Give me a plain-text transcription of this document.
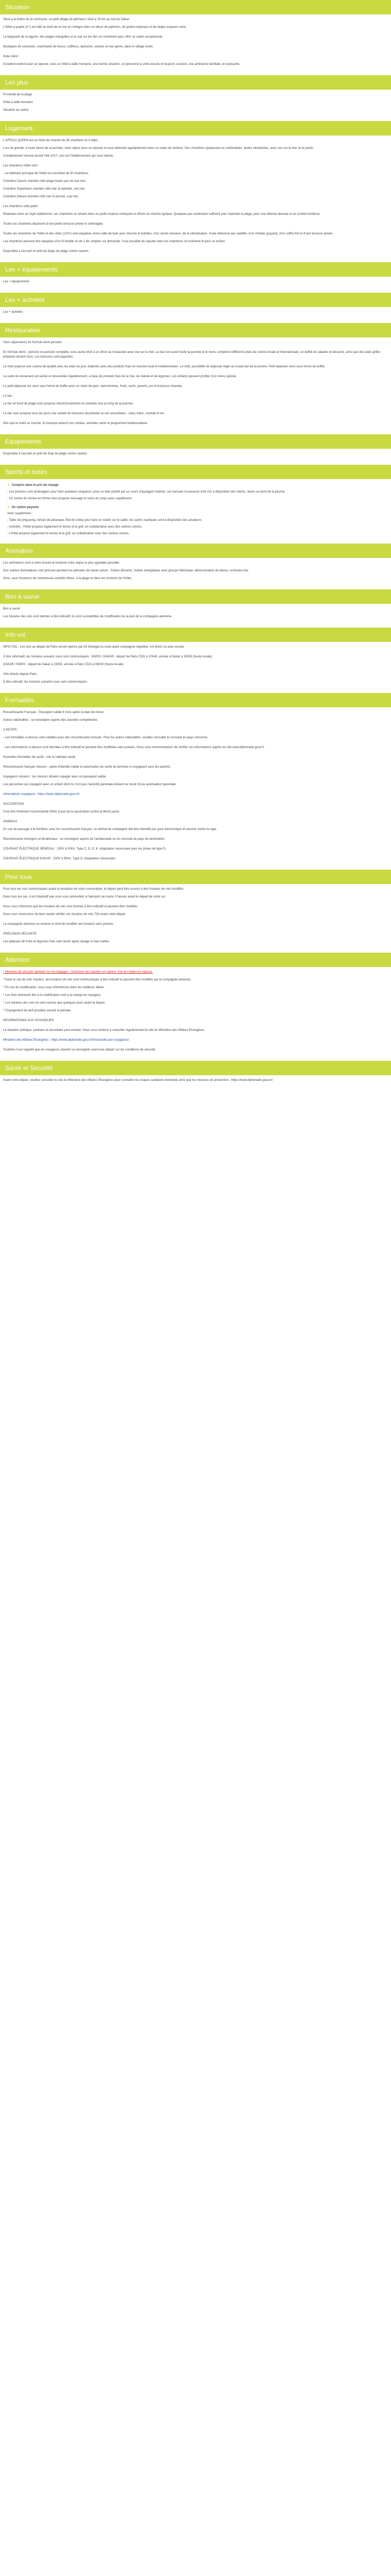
Situation

Situé à la lisière de la commune, un petit village de pêcheurs situé à 15 km au sud de Dakar.

L'hôtel à quatre (4 *) est bâti au bord de la mer et s'intègre dans un décor de palmiers, de jardins tropicaux et de larges espaces verts.

La baignade de la lagune, des plages tranquilles et la vue sur les îles se combinent pour offrir un cadre exceptionnel.

Boutiques de souvenirs, marchands de tissus, coiffeurs, épiceries, artistes et tout genre, dans le village voisin.

Note client :

Excellent endroit pour se reposer, avec un hôtel à taille humaine, une bonne situation, un personnel à votre écoute et toujours souriant, une ambiance familiale, et reposante.

Les plus

Proximité de la plage

Hôtel à taille humaine

Situation au calme

Logement

L'AFRICA QUEEN est un hôtel de charme de 36 chambres et 4 villas.

Lors de grande, à toute heure de la journée, votre séjour pour se reposer et vous détendre agréablement dans un cadre de verdure. Des chambres spacieuses et confortables, toutes climatisées, avec vue sur la mer ou le jardin.

Complètement rénové durant l'été 2017, ceci est l'établissement qui vous attend.

Les chambres Hôtel sont :

- Le bâtiment principal de l'hôtel est constitué de 30 chambres.

Chambre Classic orientée côté plage toutes pas de vue mer.

Chambre Supérieure orientée côté mer et partielle, vue mer.

Chambre Deluxe orientée côté mer et piscine, vue mer.

Les chambres côté jardin :

Réalisées dans un style traditionnel, ces chambres se situent dans un jardin tropical verdoyant et offrent un charme typique. Quelques pas seulement suffisent pour rejoindre la plage, pour une détente absolue et un confort moderne.

Toutes les chambres disposent d'une petite terrasse privée et aménagée.

Toutes les chambres de l'hôtel et des villas (12m²) sont équipées d'une salle de bain avec douche et toilettes, d'un sèche-cheveux, de la climatisation, d'une télévision par satellite, d'un minibar (payant), d'un coffre-fort et d'une terrasse privée.

Les chambres peuvent être équipées d'un lit double ou de 2 lits simples sur demande. Il est possible de rajouter dans les chambres un troisième lit pour un enfant.

Disponible à l'accueil un prêt de draps de plage contre caution.

Les + équipements

Les + équipements

Les + activités

Les + activités

Restauration

Vous séjournerez en formule demi pension.

En formule demi - pension ou pension complète, vous aurez droit à un dîner au restaurant avec vue sur la mer. Le bar est ouvert toute la journée et le menu comprend différents plats de cuisine locale et internationale, un buffet de salades et desserts, ainsi que des plats grillés préparés devant vous. Les boissons sont payantes.

Le chef propose une cuisine de qualité avec les plats du jour, élaborés avec des produits frais du marché local et méditerranéen. Le midi, possibilité de déjeuner léger au snack-bar de la piscine. Petit-déjeuner servi sous forme de buffet.

La carte du restaurant est variée et renouvelée régulièrement, à base de produits frais de la mer, de viande et de légumes. Les enfants peuvent profiter d'un menu spécial.

Le petit-déjeuner est servi sous forme de buffet avec un choix de pain, viennoiseries, fruits, œufs, yaourts, jus et boissons chaudes.

Le bar :

Le bar en bord de plage vous propose rafraîchissements et cocktails tout au long de la journée.

Le bar vous propose tous les jours une variété de boissons alcoolisées et non alcoolisées : soda, bière, cocktail et vin.

Dès que le soleil se couche, la musique adoucit vos soirées, animées selon le programme hebdomadaire.

Equipements

Disponible à l'accueil un prêt de drap de plage contre caution.

Sports et loisirs
► Compris dans le prix du voyage

- Les piscines sont aménagées pour faire quelques longueurs, pour un bain parfait par un cours d'aquagym matinal. Les transats et parasols sont mis à disposition des clients, situés au bord de la piscine.

- Un centre de remise en forme vous propose massage et soins du corps avec supplément.

► En option payante

Avec supplément :

- Table de ping-pong, terrain de pétanque, filet de volley pour faire un match sur le sable, les sports nautiques sont à disposition des amateurs.

- Activités : l'hôtel propose également le tennis et le golf, en collaboration avec des centres voisins.

- L'hôtel propose également le tennis et le golf, en collaboration avec des centres voisins.

Animation

Les animations sont à votre écoute et rendront votre séjour le plus agréable possible.

Des soirées thématiques sont prévues pendant les périodes de haute saison : Soirée africaine, Soirée sénégalaise avec groupe folklorique, démonstration de danse, orchestre live.

Ainsi, vous trouverez de nombreuses activités libres, à la plage et dans les environs de l'hôtel.

Bon à savoir

Bon à savoir

Les horaires des vols sont donnés à titre indicatif, ils sont susceptibles de modification de la part de la compagnie aérienne.

Info vol

INFO VOL : Les vols au départ de Paris seront opérés par Air Sénégal ou toute autre compagnie régulière, vol direct ou avec escale.

À titre informatif, les horaires suivants vous sont communiqués : PARIS / DAKAR : départ de Paris CDG à 10h45, arrivée à Dakar à 15h55 (heure locale).

DAKAR / PARIS : départ de Dakar à 23h55, arrivée à Paris CDG à 06h30 (heure locale).

Vols directs depuis Paris.

À titre indicatif, les horaires suivants vous sont communiqués.

Formalités

Ressortissants Français : Passeport valide 6 mois après la date de retour.

Autres nationalités : se renseigner auprès des autorités compétentes.

A NOTER :

- Les formalités ci-dessus sont valables pour des ressortissants français. Pour les autres nationalités, veuillez consulter le consulat du pays concerné.

- Les informations ci-dessus sont données à titre indicatif et peuvent être modifiées sans préavis. Nous vous recommandons de vérifier ces informations auprès du site www.diplomatie.gouv.fr.

Nouvelles formalités de santé : voir la rubrique santé.

Ressortissants français mineurs : pièce d'identité valide et autorisation de sortie du territoire si voyageant sans les parents.

Voyageurs mineurs : les mineurs doivent voyager avec un passeport valide.

Les personnes qui voyagent avec un enfant dont ils n'ont pas l'autorité parentale doivent se munir d'une autorisation parentale.

Informations voyageurs : https://www.diplomatie.gouv.fr/

VACCINATION

Il est très fortement recommandé d'être à jour de la vaccination contre la fièvre jaune.

ANIMAUX

En cas de passage à la frontière, pour les ressortissants français, un animal de compagnie doit être identifié par puce électronique et vacciné contre la rage.

Ressortissants étrangers et binationaux : se renseigner auprès de l'ambassade ou du consulat du pays de destination.

COURANT ÉLECTRIQUE SÉNÉGAL : 230V à 50Hz. Type C, D, E, K. Adaptateur nécessaire pour les prises de type D.

COURANT ÉLECTRIQUE DAKAR : 230V à 50Hz. Type G. Adaptateur nécessaire.

Pour tous

Pour tous les vols communiqués avant la réception de votre convocation, le départ peut être soumis à des horaires de vols modifiés.

Dans tous les cas, il est impératif que vous vous présentiez à l'aéroport au moins 3 heures avant le départ de votre vol.

Nous vous informons que les horaires de vols sont donnés à titre indicatif et peuvent être modifiés.

Nous vous remercions de bien vouloir vérifier vos horaires de vols 72h avant votre départ.

La compagnie aérienne se réserve le droit de modifier ses horaires sans préavis.

PRÉCISION SÉCURITÉ

Les plateaux de fruits et légumes frais sont servis après lavage à l'eau traitée.

Attention

* Mesures de sécurité sanitaire sur les bagages : restriction des liquides en cabine. Voir les règles en vigueur.

* Dans le cas de vols charters, les horaires de vols sont communiqués à titre indicatif et peuvent être modifiés par la compagnie aérienne.

* En cas de modification, nous vous informerons dans les meilleurs délais.

* Les frais éventuels liés à la modification sont à la charge du voyageur.

* Les horaires des vols ne sont connus que quelques jours avant le départ.

* Changement de tarif possible suivant la période.

INFORMATIONS AUX VOYAGEURS

La situation politique, sanitaire et sécuritaire peut évoluer. Nous vous invitons à consulter régulièrement le site du Ministère des Affaires Étrangères.

Ministère des Affaires Étrangères : https://www.diplomatie.gouv.fr/fr/conseils-aux-voyageurs/

Toutefois il est rappelé que les voyageurs doivent se renseigner avant leur départ sur les conditions de sécurité.

Santé et Sécurité

Avant votre départ, veuillez consulter le site du Ministère des Affaires Étrangères pour connaître les risques sanitaires éventuels ainsi que les mesures de prévention : https://www.diplomatie.gouv.fr/
